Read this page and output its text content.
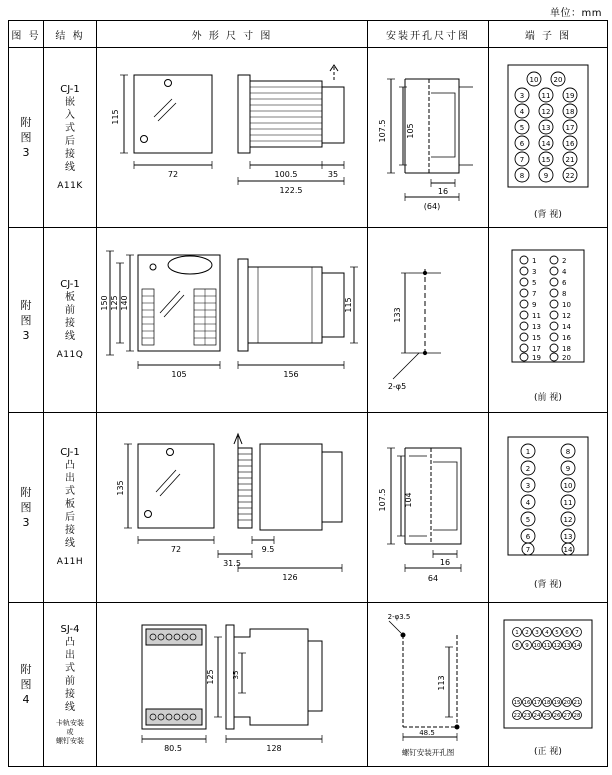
单位：mm
图 号	结 构	外 形 尺 寸 图	安装开孔尺寸图	端 子 图

附
图
3

CJ-1
嵌
入
式
后
接
线
A11K

115
72	100.5	35
122.5

107.5 105
16
(64)

10 20
3 11 19
4 12 18
5 13 17
6 14 16
7 15 21
8	9 22
(背 视)

附
图
3

CJ-1
板
前
接
线
A11Q

140
125
150
105	156
115

133
2-φ5

1	2
3	4
5	6
7	8
9	10
11	12
13	14
15	16
17	18
19	20
(前 视)

附
图
3

CJ-1
凸
出
式
板
后
接
线
A11H

135
72
31.5
9.5
126

107.5 104
16
64

1	8
2	9
3	10
4	11
5	12
6	13
7	14
(背 视)

附
图
4

SJ-4
凸
出
式
前
接
线
卡轨安装
或
螺钉安装

80.5
125 35
128

2-φ3.5
113
48.5
螺钉安装开孔图

1 2 3 4 5 6 7
8 9 10 11 12 13 14
15 16 17 18 19 20 21
22 23 24 25 26 27 28
(正 视)
